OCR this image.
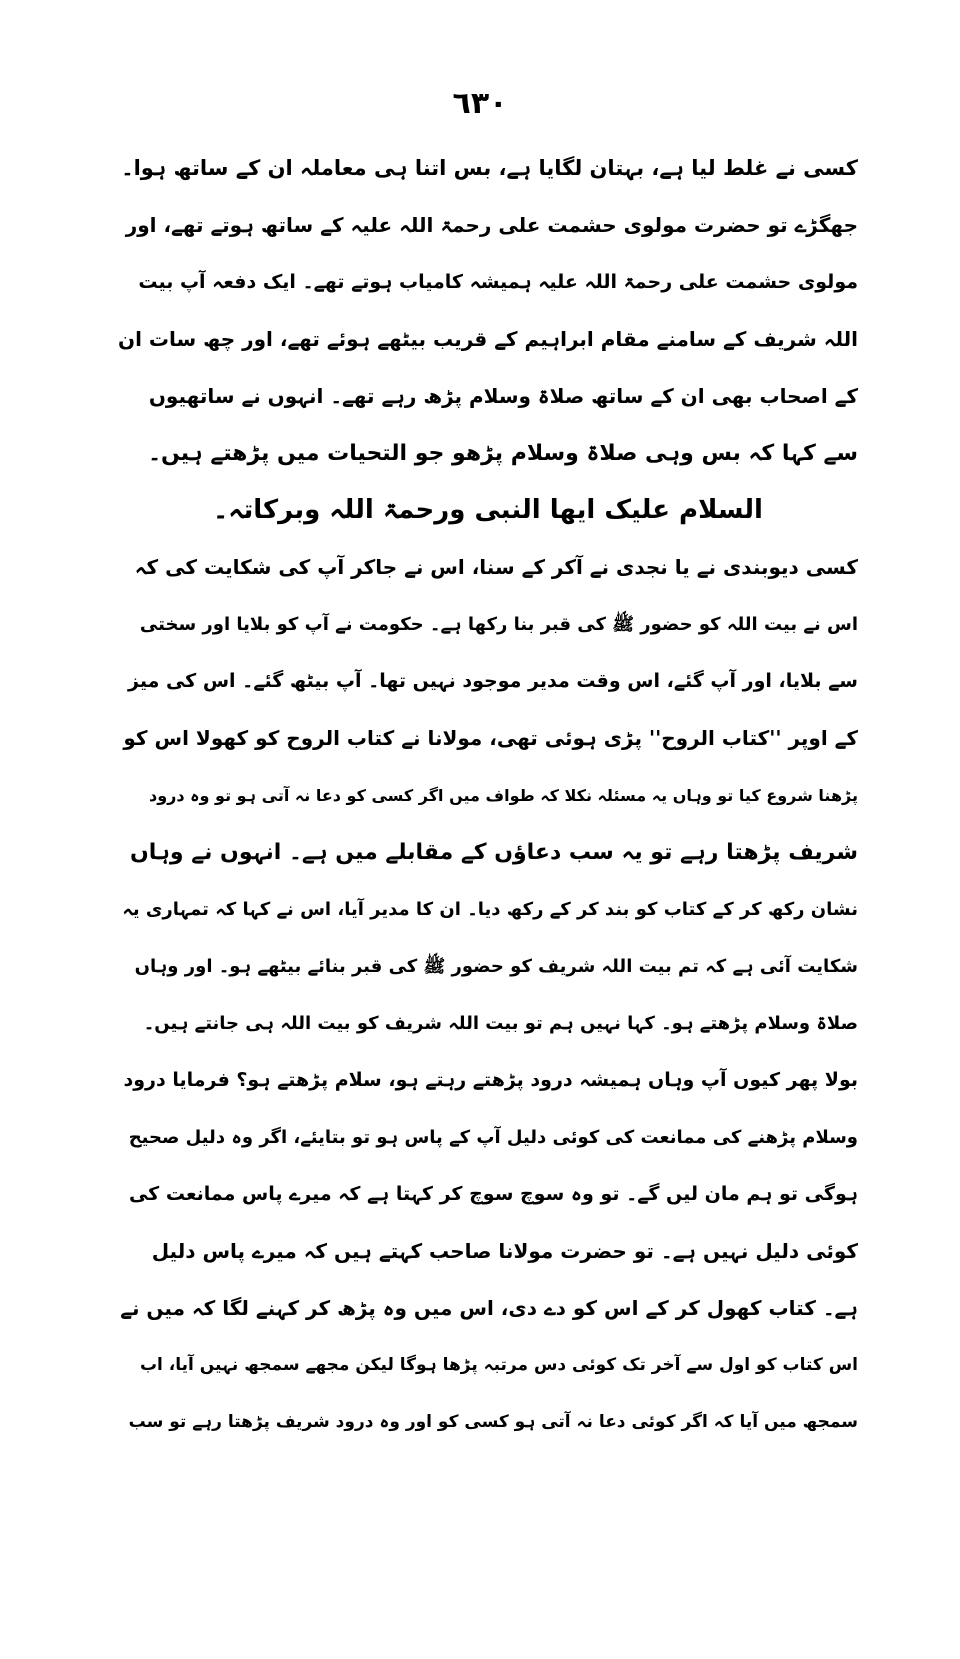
٦٣٠
کسی نے غلط لیا ہے، بہتان لگایا ہے، بس اتنا ہی معاملہ ان کے ساتھ ہوا۔
جھگڑے تو حضرت مولوی حشمت علی رحمۃ اللہ علیہ کے ساتھ ہوتے تھے، اور
مولوی حشمت علی رحمۃ اللہ علیہ ہمیشہ کامیاب ہوتے تھے۔ ایک دفعہ آپ بیت
اللہ شریف کے سامنے مقام ابراہیم کے قریب بیٹھے ہوئے تھے، اور چھ سات ان
کے اصحاب بھی ان کے ساتھ صلاۃ وسلام پڑھ رہے تھے۔ انہوں نے ساتھیوں
سے کہا کہ بس وہی صلاۃ وسلام پڑھو جو التحیات میں پڑھتے ہیں۔
السلام علیک ایھا النبی ورحمۃ اللہ وبرکاتہ۔
کسی دیوبندی نے یا نجدی نے آکر کے سنا، اس نے جاکر آپ کی شکایت کی کہ
اس نے بیت اللہ کو حضور ﷺ کی قبر بنا رکھا ہے۔ حکومت نے آپ کو بلایا اور سختی
سے بلایا، اور آپ گئے، اس وقت مدیر موجود نہیں تھا۔ آپ بیٹھ گئے۔ اس کی میز
کے اوپر ''کتاب الروح'' پڑی ہوئی تھی، مولانا نے کتاب الروح کو کھولا اس کو
پڑھنا شروع کیا تو وہاں یہ مسئلہ نکلا کہ طواف میں اگر کسی کو دعا نہ آتی ہو تو وہ درود
شریف پڑھتا رہے تو یہ سب دعاؤں کے مقابلے میں ہے۔ انہوں نے وہاں
نشان رکھ کر کے کتاب کو بند کر کے رکھ دیا۔ ان کا مدیر آیا، اس نے کہا کہ تمہاری یہ
شکایت آئی ہے کہ تم بیت اللہ شریف کو حضور ﷺ کی قبر بنائے بیٹھے ہو۔ اور وہاں
صلاۃ وسلام پڑھتے ہو۔ کہا نہیں ہم تو بیت اللہ شریف کو بیت اللہ ہی جانتے ہیں۔
بولا پھر کیوں آپ وہاں ہمیشہ درود پڑھتے رہتے ہو، سلام پڑھتے ہو؟ فرمایا درود
وسلام پڑھنے کی ممانعت کی کوئی دلیل آپ کے پاس ہو تو بتایئے، اگر وہ دلیل صحیح
ہوگی تو ہم مان لیں گے۔ تو وہ سوچ سوچ کر کہتا ہے کہ میرے پاس ممانعت کی
کوئی دلیل نہیں ہے۔ تو حضرت مولانا صاحب کہتے ہیں کہ میرے پاس دلیل
ہے۔ کتاب کھول کر کے اس کو دے دی، اس میں وہ پڑھ کر کہنے لگا کہ میں نے
اس کتاب کو اول سے آخر تک کوئی دس مرتبہ پڑھا ہوگا لیکن مجھے سمجھ نہیں آیا، اب
سمجھ میں آیا کہ اگر کوئی دعا نہ آتی ہو کسی کو اور وہ درود شریف پڑھتا رہے تو سب
